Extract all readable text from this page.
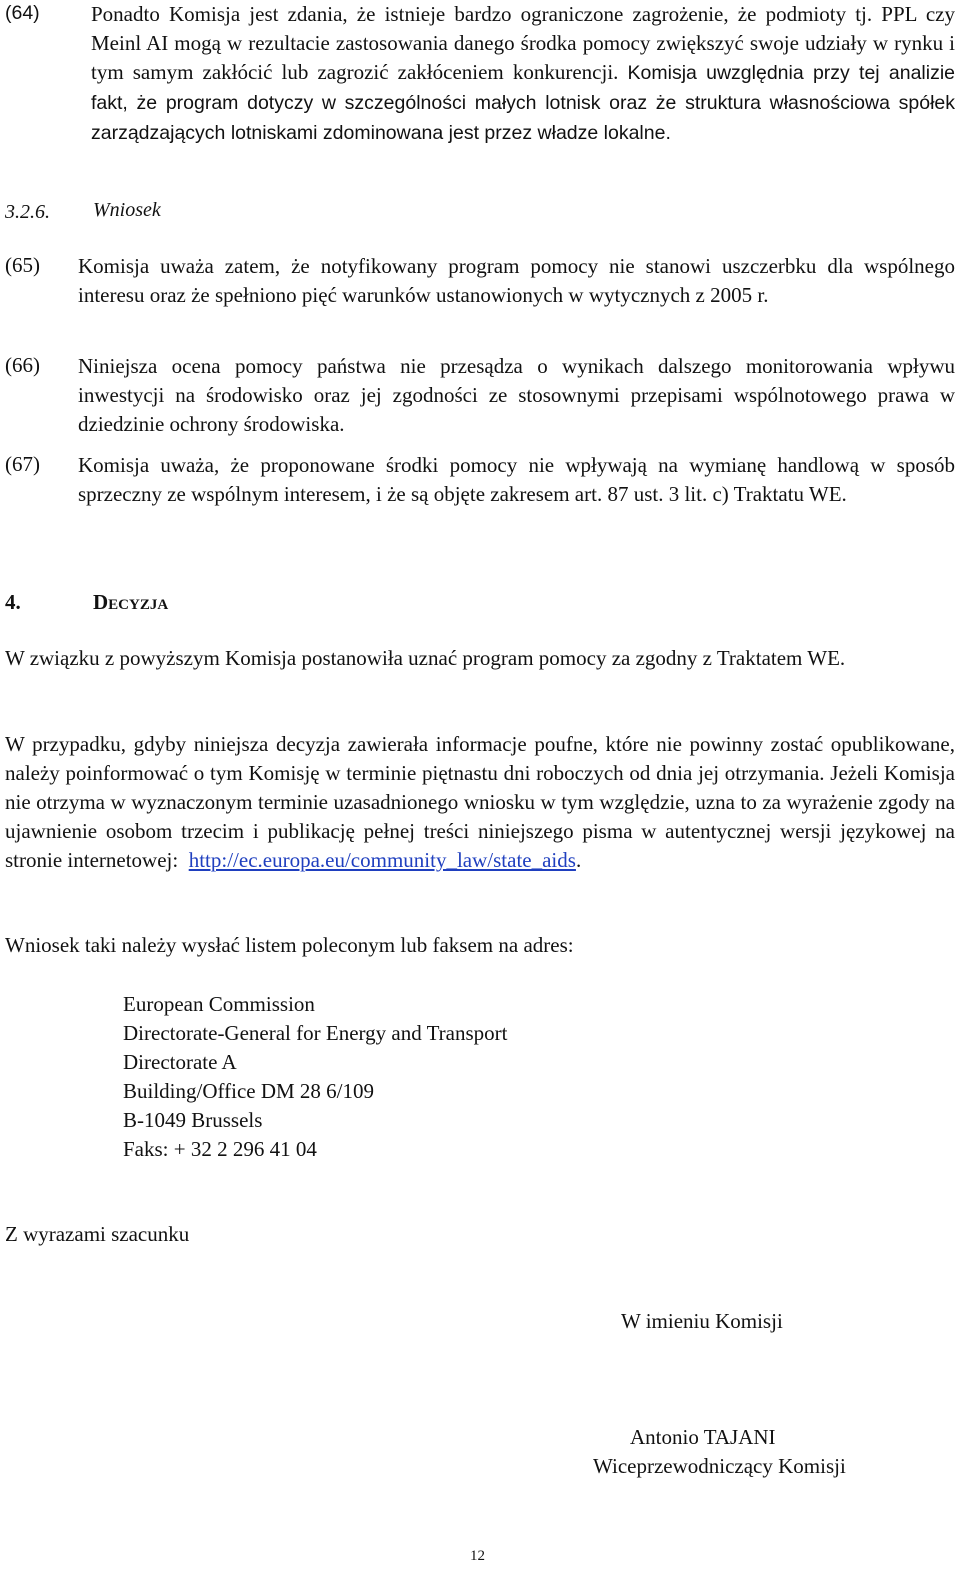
(64) Ponadto Komisja jest zdania, że istnieje bardzo ograniczone zagrożenie, że podmioty tj. PPL czy Meinl AI mogą w rezultacie zastosowania danego środka pomocy zwiększyć swoje udziały w rynku i tym samym zakłócić lub zagrozić zakłóceniem konkurencji. Komisja uwzględnia przy tej analizie fakt, że program dotyczy w szczególności małych lotnisk oraz że struktura własnościowa spółek zarządzających lotniskami zdominowana jest przez władze lokalne.
3.2.6. Wniosek
(65) Komisja uważa zatem, że notyfikowany program pomocy nie stanowi uszczerbku dla wspólnego interesu oraz że spełniono pięć warunków ustanowionych w wytycznych z 2005 r.
(66) Niniejsza ocena pomocy państwa nie przesądza o wynikach dalszego monitorowania wpływu inwestycji na środowisko oraz jej zgodności ze stosownymi przepisami wspólnotowego prawa w dziedzinie ochrony środowiska.
(67) Komisja uważa, że proponowane środki pomocy nie wpływają na wymianę handlową w sposób sprzeczny ze wspólnym interesem, i że są objęte zakresem art. 87 ust. 3 lit. c) Traktatu WE.
4.	DECYZJA
W związku z powyższym Komisja postanowiła uznać program pomocy za zgodny z Traktatem WE.
W przypadku, gdyby niniejsza decyzja zawierała informacje poufne, które nie powinny zostać opublikowane, należy poinformować o tym Komisję w terminie piętnastu dni roboczych od dnia jej otrzymania. Jeżeli Komisja nie otrzyma w wyznaczonym terminie uzasadnionego wniosku w tym względzie, uzna to za wyrażenie zgody na ujawnienie osobom trzecim i publikację pełnej treści niniejszego pisma w autentycznej wersji językowej na stronie internetowej: http://ec.europa.eu/community_law/state_aids.
Wniosek taki należy wysłać listem poleconym lub faksem na adres:
European Commission
Directorate-General for Energy and Transport
Directorate A
Building/Office DM 28 6/109
B-1049 Brussels
Faks: + 32 2 296 41 04
Z wyrazami szacunku
W imieniu Komisji
Antonio TAJANI
Wiceprzewodniczący Komisji
12
